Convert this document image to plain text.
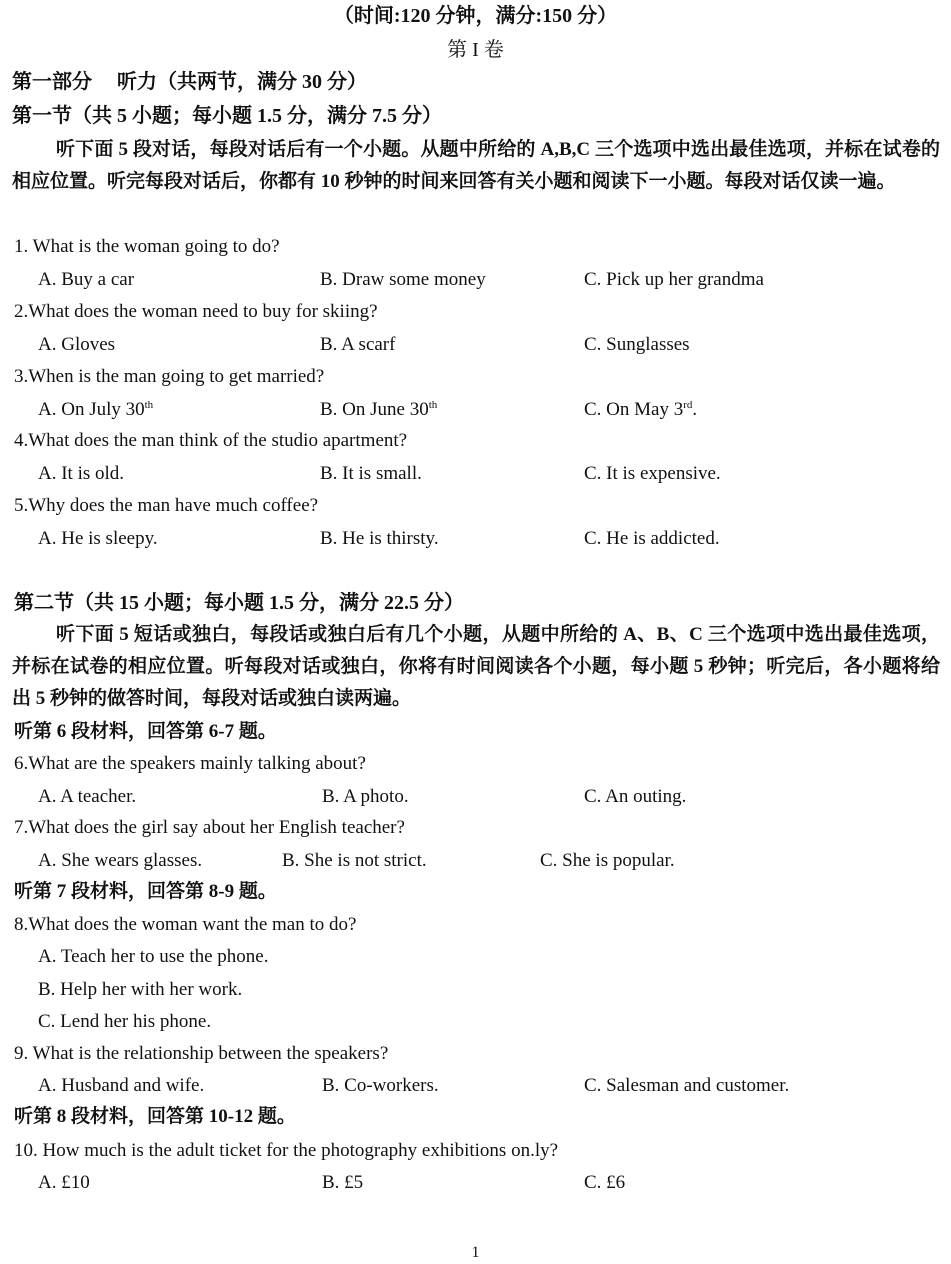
（时间:120 分钟，满分:150 分）
第 I 卷
第一部分　 听力（共两节，满分 30 分）
第一节（共 5 小题；每小题 1.5 分，满分 7.5 分）
听下面 5 段对话，每段对话后有一个小题。从题中所给的 A,B,C 三个选项中选出最佳选项，并标在试卷的相应位置。听完每段对话后，你都有 10 秒钟的时间来回答有关小题和阅读下一小题。每段对话仅读一遍。
1. What is the woman going to do?
A. Buy a car	B. Draw some money	C. Pick up her grandma
2.What does the woman need to buy for skiing?
A. Gloves	B. A scarf	C. Sunglasses
3.When is the man going to get married?
A. On July 30th	B. On June 30th	C. On May 3rd.
4.What does the man think of the studio apartment?
A. It is old.	B. It is small.	C. It is expensive.
5.Why does the man have much coffee?
A. He is sleepy.	B. He is thirsty.	C. He is addicted.
第二节（共 15 小题；每小题 1.5 分，满分 22.5 分）
听下面 5 短话或独白，每段话或独白后有几个小题，从题中所给的 A、B、C 三个选项中选出最佳选项，并标在试卷的相应位置。听每段对话或独白，你将有时间阅读各个小题，每小题 5 秒钟；听完后，各小题将给出 5 秒钟的做答时间，每段对话或独白读两遍。
听第 6 段材料，回答第 6-7 题。
6.What are the speakers mainly talking about?
A. A teacher.	B. A photo.	C. An outing.
7.What does the girl say about her English teacher?
A. She wears glasses.	B. She is not strict.	C. She is popular.
听第 7 段材料，回答第 8-9 题。
8.What does the woman want the man to do?
A. Teach her to use the phone.
B. Help her with her work.
C. Lend her his phone.
9. What is the relationship between the speakers?
A. Husband and wife.	B. Co-workers.	C. Salesman and customer.
听第 8 段材料，回答第 10-12 题。
10. How much is the adult ticket for the photography exhibitions on.ly?
A. £10	B. £5	C. £6
1
